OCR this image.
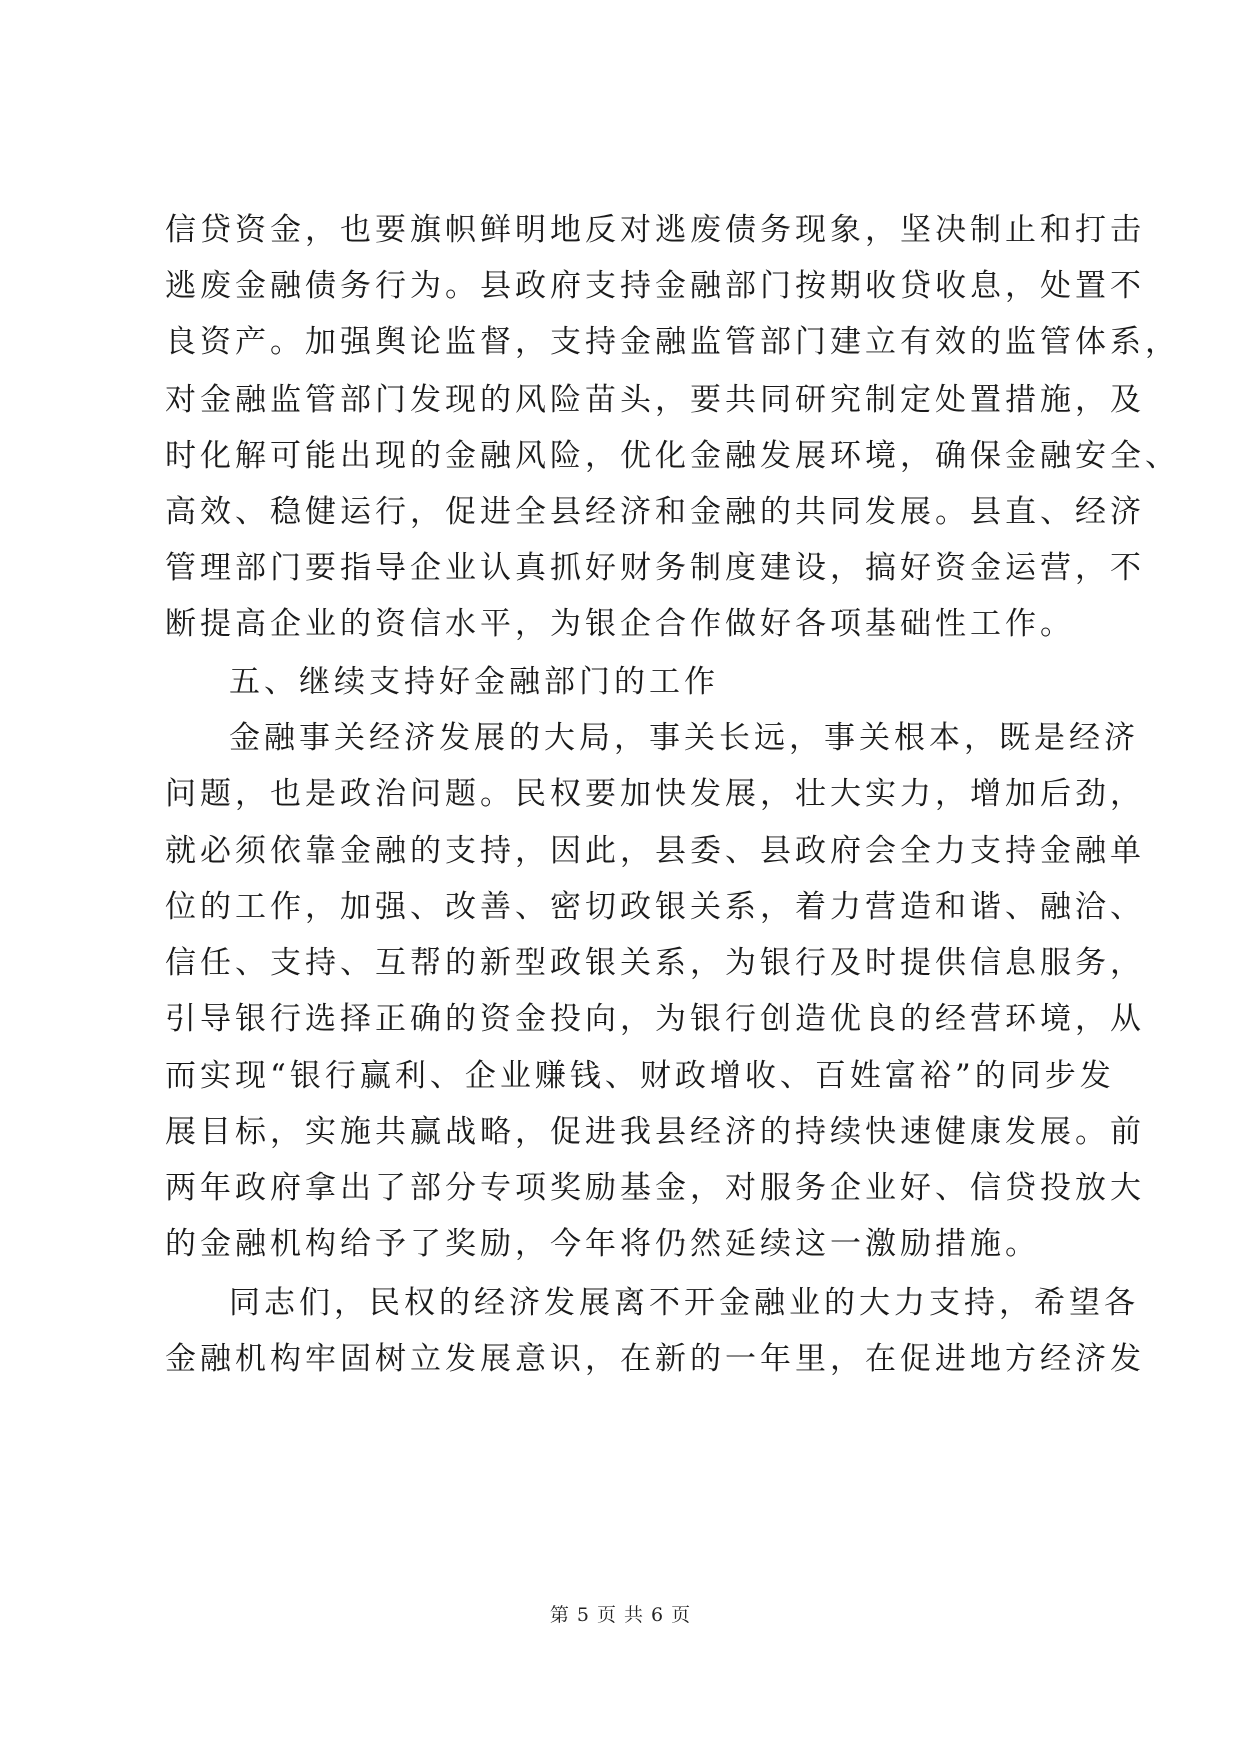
信贷资金，也要旗帜鲜明地反对逃废债务现象，坚决制止和打击
逃废金融债务行为。县政府支持金融部门按期收贷收息，处置不
良资产。加强舆论监督，支持金融监管部门建立有效的监管体系，
对金融监管部门发现的风险苗头，要共同研究制定处置措施，及
时化解可能出现的金融风险，优化金融发展环境，确保金融安全、
高效、稳健运行，促进全县经济和金融的共同发展。县直、经济
管理部门要指导企业认真抓好财务制度建设，搞好资金运营，不
断提高企业的资信水平，为银企合作做好各项基础性工作。
五、继续支持好金融部门的工作
金融事关经济发展的大局，事关长远，事关根本，既是经济
问题，也是政治问题。民权要加快发展，壮大实力，增加后劲，
就必须依靠金融的支持，因此，县委、县政府会全力支持金融单
位的工作，加强、改善、密切政银关系，着力营造和谐、融洽、
信任、支持、互帮的新型政银关系，为银行及时提供信息服务，
引导银行选择正确的资金投向，为银行创造优良的经营环境，从
而实现“银行赢利、企业赚钱、财政增收、百姓富裕”的同步发
展目标，实施共赢战略，促进我县经济的持续快速健康发展。前
两年政府拿出了部分专项奖励基金，对服务企业好、信贷投放大
的金融机构给予了奖励，今年将仍然延续这一激励措施。
同志们，民权的经济发展离不开金融业的大力支持，希望各
金融机构牢固树立发展意识，在新的一年里，在促进地方经济发
第 5 页 共 6 页
